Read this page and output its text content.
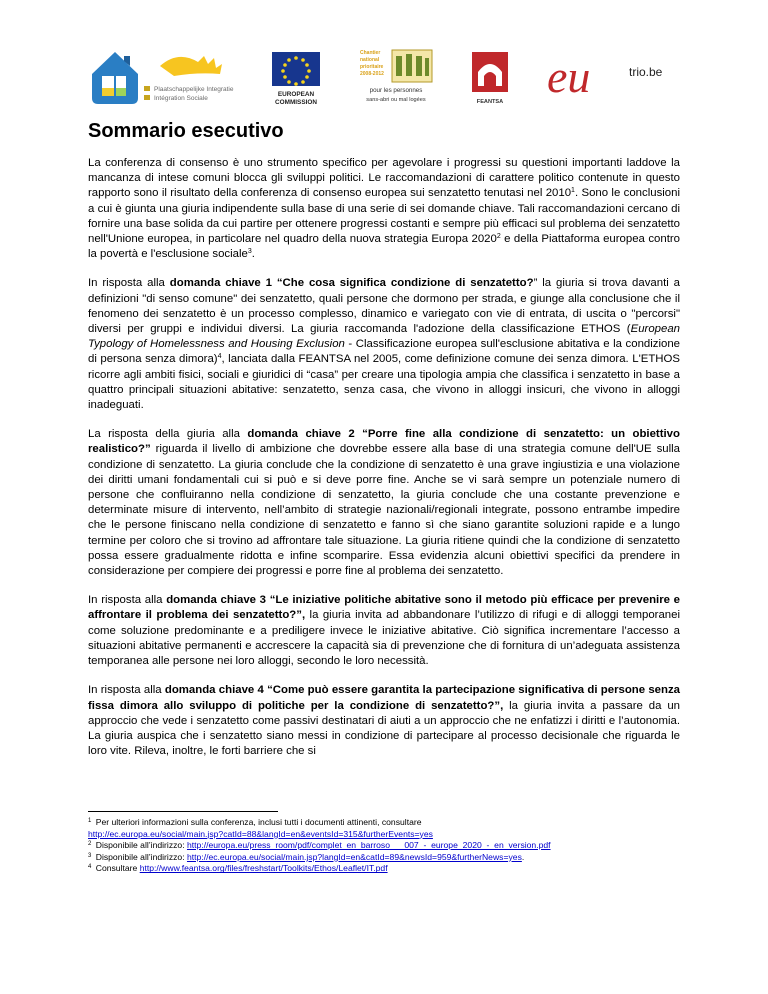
Plaatschappelijke Integratie
Intégration Sociale
EUROPEAN
COMMISSION
Chantier
national
prioritaire
2008-2012
pour les personnes
sans-abri ou mal logées	FEANTSA eu	trio.be
Sommario esecutivo

La conferenza di consenso è uno strumento specifico per agevolare i progressi su questioni importanti laddove la mancanza di intese comuni blocca gli sviluppi politici. Le raccomandazioni di carattere politico contenute in questo rapporto sono il risultato della conferenza di consenso europea sui senzatetto tenutasi nel 2010$^1$. Sono le conclusioni a cui è giunta una giuria indipendente sulla base di una serie di sei domande chiave. Tali raccomandazioni cercano di fornire una base solida da cui partire per ottenere progressi costanti e sempre più efficaci sul problema dei senzatetto nell'Unione europea, in particolare nel quadro della nuova strategia Europa 2020$^2$ e della Piattaforma europea contro la povertà e l'esclusione sociale$^3$.

In risposta alla domanda chiave 1 “Che cosa significa condizione di senzatetto?” la giuria si trova davanti a definizioni "di senso comune" dei senzatetto, quali persone che dormono per strada, e giunge alla conclusione che il fenomeno dei senzatetto è un processo complesso, dinamico e variegato con vie di entrata, di uscita o "percorsi" diversi per gruppi e individui diversi. La giuria raccomanda l'adozione della classificazione ETHOS (European Typology of Homelessness and Housing Exclusion - Classificazione europea sull'esclusione abitativa e la condizione di persona senza dimora)$^4$, lanciata dalla FEANTSA nel 2005, come definizione comune dei senza dimora. L'ETHOS ricorre agli ambiti fisici, sociali e giuridici di “casa” per creare una tipologia ampia che classifica i senzatetto in base a quattro principali situazioni abitative: senzatetto, senza casa, che vivono in alloggi insicuri, che vivono in alloggi inadeguati.

La risposta della giuria alla domanda chiave 2 “Porre fine alla condizione di senzatetto: un obiettivo realistico?” riguarda il livello di ambizione che dovrebbe essere alla base di una strategia comune dell'UE sulla condizione di senzatetto. La giuria conclude che la condizione di senzatetto è una grave ingiustizia e una violazione dei diritti umani fondamentali cui si può e si deve porre fine. Anche se vi sarà sempre un potenziale numero di persone che confluiranno nella condizione di senzatetto, la giuria conclude che una costante prevenzione e determinate misure di intervento, nell’ambito di strategie nazionali/regionali integrate, possono entrambe impedire che le persone finiscano nella condizione di senzatetto e fanno sì che siano garantite soluzioni rapide e a lungo termine per coloro che si trovino ad affrontare tale situazione. La giuria ritiene quindi che la condizione di senzatetto possa essere gradualmente ridotta e infine scomparire. Essa evidenzia alcuni obiettivi specifici da prendere in considerazione per compiere dei progressi e porre fine al problema dei senzatetto.

In risposta alla domanda chiave 3 “Le iniziative politiche abitative sono il metodo più efficace per prevenire e affrontare il problema dei senzatetto?”, la giuria invita ad abbandonare l’utilizzo di rifugi e di alloggi temporanei come soluzione predominante e a prediligere invece le iniziative abitative. Ciò significa incrementare l’accesso a situazioni abitative permanenti e accrescere la capacità sia di prevenzione che di fornitura di un’adeguata assistenza temporanea alle persone nei loro alloggi, secondo le loro necessità.

In risposta alla domanda chiave 4 “Come può essere garantita la partecipazione significativa di persone senza fissa dimora allo sviluppo di politiche per la condizione di senzatetto?”, la giuria invita a passare da un approccio che vede i senzatetto come passivi destinatari di aiuti a un approccio che ne enfatizzi i diritti e l’autonomia. La giuria auspica che i senzatetto siano messi in condizione di partecipare al processo decisionale che riguarda le loro vite. Rileva, inoltre, le forti barriere che si

$^1$ Per ulteriori informazioni sulla conferenza, inclusi tutti i documenti attinenti, consultare
http://ec.europa.eu/social/main.jsp?catId=88&langId=en&eventsId=315&furtherEvents=yes

$^2$ Disponibile all’indirizzo: http://europa.eu/press_room/pdf/complet_en_barroso___007_-_europe_2020_-_en_version.pdf

$^3$ Disponibile all’indirizzo: http://ec.europa.eu/social/main.jsp?langId=en&catId=89&newsId=959&furtherNews=yes.

$^4$ Consultare http://www.feantsa.org/files/freshstart/Toolkits/Ethos/Leaflet/IT.pdf
